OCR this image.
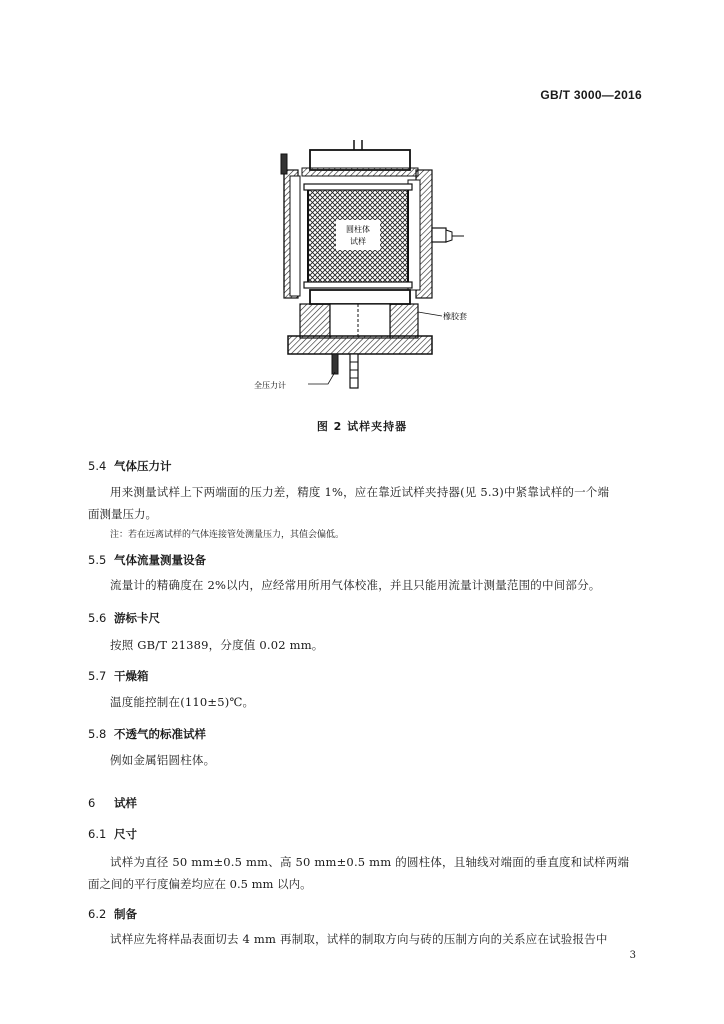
GB/T 3000—2016
圆柱体
试样
橡胶套
全压力计
图 2 试样夹持器
5.4 气体压力计
用来测量试样上下两端面的压力差，精度 1%，应在靠近试样夹持器(见 5.3)中紧靠试样的一个端
面测量压力。
注：若在远离试样的气体连接管处测量压力，其值会偏低。
5.5 气体流量测量设备
流量计的精确度在 2%以内，应经常用所用气体校准，并且只能用流量计测量范围的中间部分。
5.6 游标卡尺
按照 GB/T 21389，分度值 0.02 mm。
5.7 干燥箱
温度能控制在(110±5)℃。
5.8 不透气的标准试样
例如金属铝圆柱体。
6 试样
6.1 尺寸
试样为直径 50 mm±0.5 mm、高 50 mm±0.5 mm 的圆柱体，且轴线对端面的垂直度和试样两端
面之间的平行度偏差均应在 0.5 mm 以内。
6.2 制备
试样应先将样品表面切去 4 mm 再制取，试样的制取方向与砖的压制方向的关系应在试验报告中
3
